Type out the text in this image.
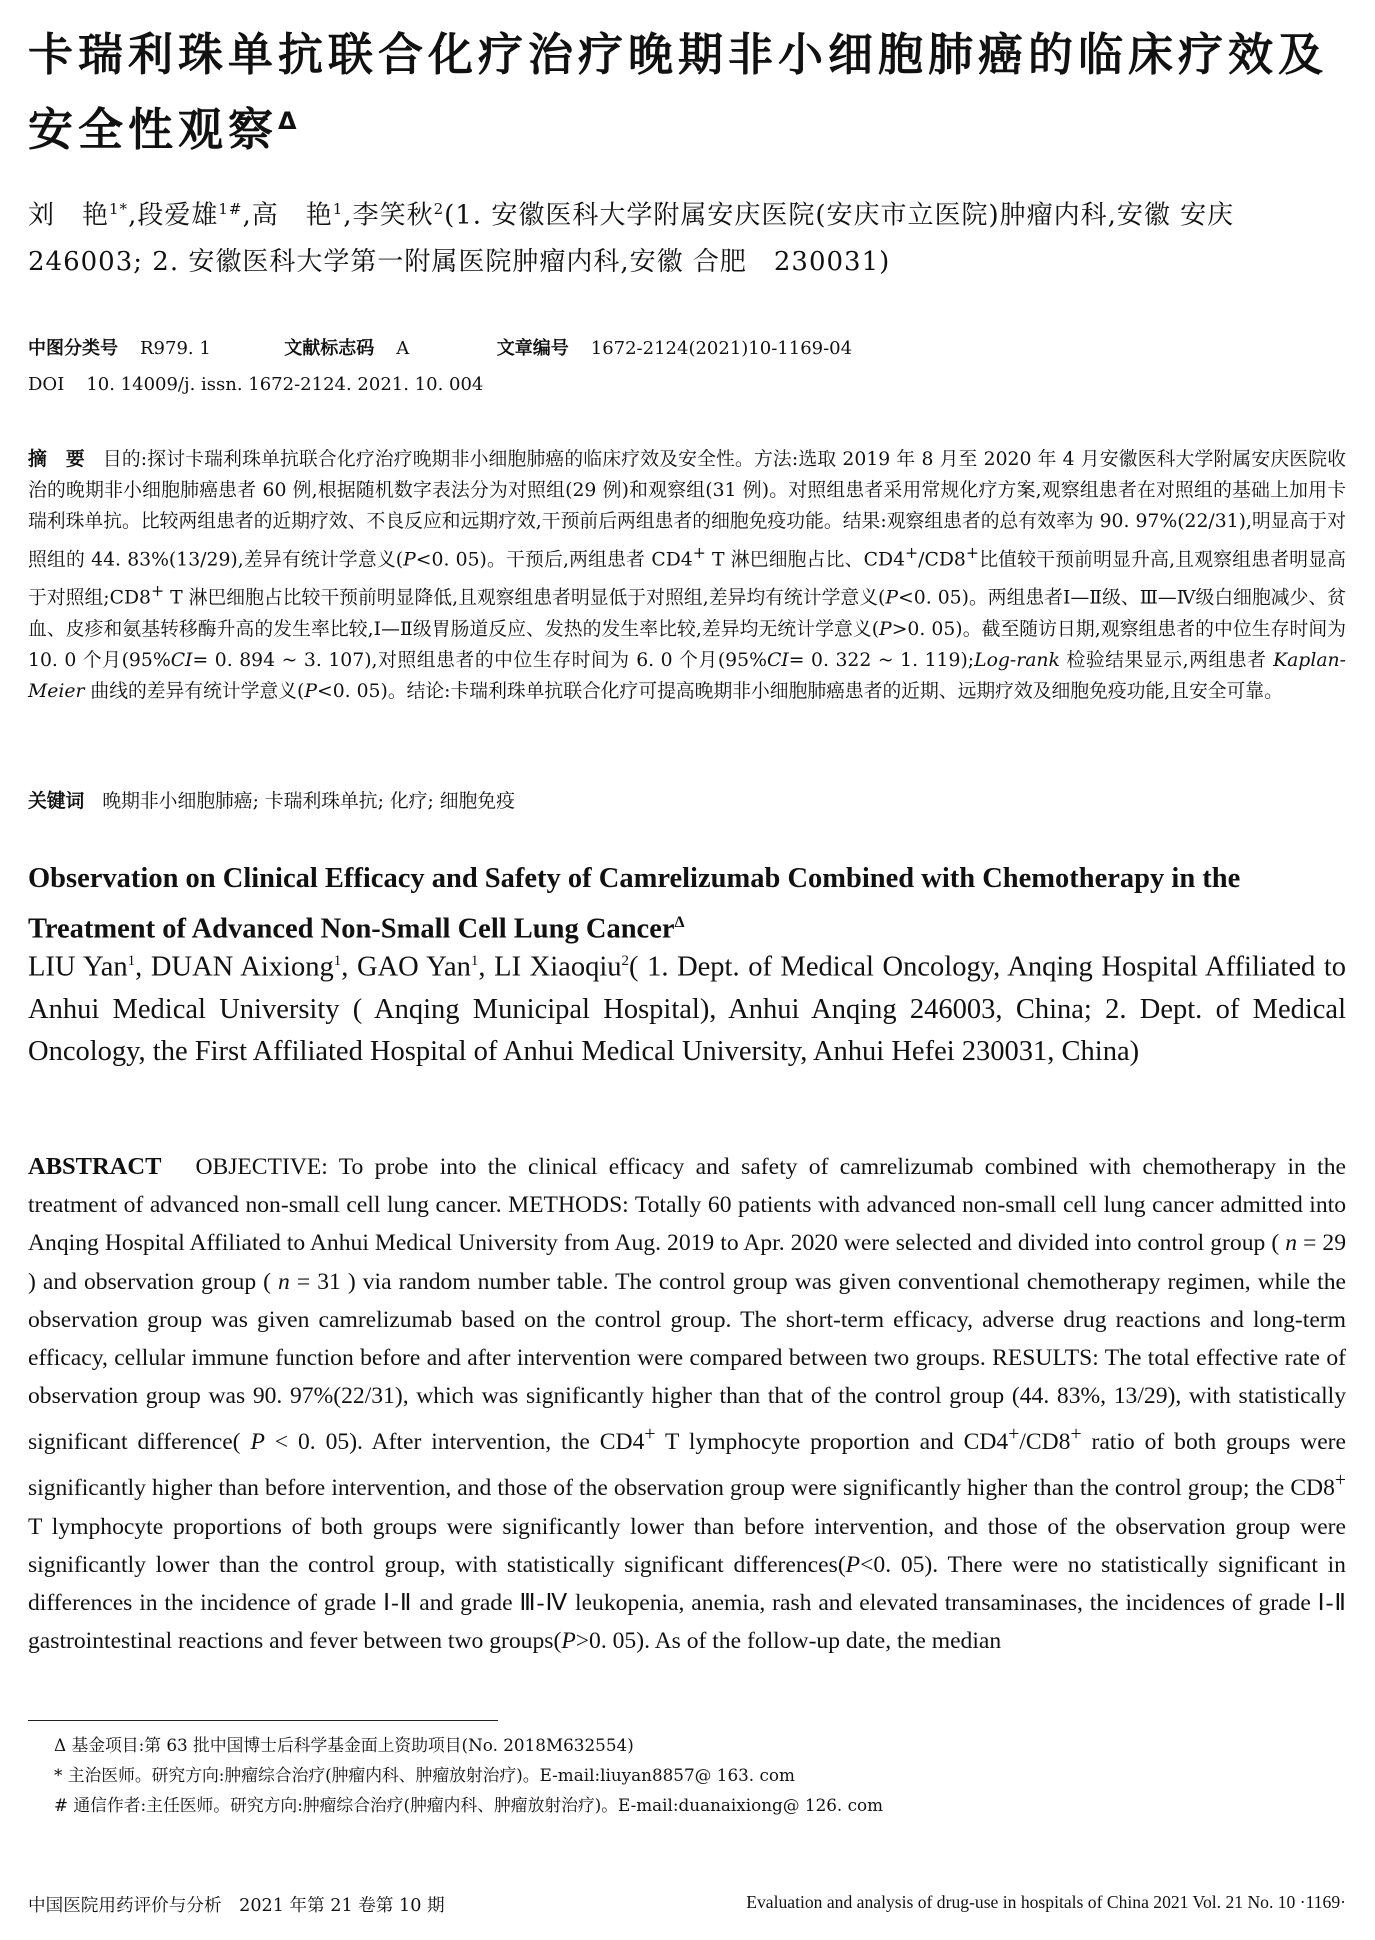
卡瑞利珠单抗联合化疗治疗晚期非小细胞肺癌的临床疗效及安全性观察$^\Delta$
刘　艳$^{1*}$,段爱雄$^{1\#}$,高　艳$^1$,李笑秋$^2$(1. 安徽医科大学附属安庆医院(安庆市立医院)肿瘤内科,安徽 安庆 246003; 2. 安徽医科大学第一附属医院肿瘤内科,安徽 合肥　230031)
中图分类号 R979. 1	文献标志码 A	文章编号 1672-2124(2021)10-1169-04
DOI 10. 14009/j. issn. 1672-2124. 2021. 10. 004
摘　要 目的:探讨卡瑞利珠单抗联合化疗治疗晚期非小细胞肺癌的临床疗效及安全性。方法:选取 2019 年 8 月至 2020 年 4 月安徽医科大学附属安庆医院收治的晚期非小细胞肺癌患者 60 例,根据随机数字表法分为对照组(29 例)和观察组(31 例)。对照组患者采用常规化疗方案,观察组患者在对照组的基础上加用卡瑞利珠单抗。比较两组患者的近期疗效、不良反应和远期疗效,干预前后两组患者的细胞免疫功能。结果:观察组患者的总有效率为 90. 97%(22/31),明显高于对照组的 44. 83%(13/29),差异有统计学意义(P<0. 05)。干预后,两组患者 CD4+ T 淋巴细胞占比、CD4+/CD8+比值较干预前明显升高,且观察组患者明显高于对照组;CD8+ T 淋巴细胞占比较干预前明显降低,且观察组患者明显低于对照组,差异均有统计学意义(P<0. 05)。两组患者Ⅰ—Ⅱ级、Ⅲ—Ⅳ级白细胞减少、贫血、皮疹和氨基转移酶升高的发生率比较,Ⅰ—Ⅱ级胃肠道反应、发热的发生率比较,差异均无统计学意义(P>0. 05)。截至随访日期,观察组患者的中位生存时间为 10. 0 个月(95%CI= 0. 894 ~ 3. 107),对照组患者的中位生存时间为 6. 0 个月(95%CI= 0. 322 ~ 1. 119);Log-rank 检验结果显示,两组患者 Kaplan-Meier 曲线的差异有统计学意义(P<0. 05)。结论:卡瑞利珠单抗联合化疗可提高晚期非小细胞肺癌患者的近期、远期疗效及细胞免疫功能,且安全可靠。
关键词 晚期非小细胞肺癌; 卡瑞利珠单抗; 化疗; 细胞免疫
Observation on Clinical Efficacy and Safety of Camrelizumab Combined with Chemotherapy in the Treatment of Advanced Non-Small Cell Lung Cancer$^\Delta$
LIU Yan$^1$, DUAN Aixiong$^1$, GAO Yan$^1$, LI Xiaoqiu$^2$( 1. Dept. of Medical Oncology, Anqing Hospital Affiliated to Anhui Medical University ( Anqing Municipal Hospital), Anhui Anqing 246003, China; 2. Dept. of Medical Oncology, the First Affiliated Hospital of Anhui Medical University, Anhui Hefei 230031, China)
ABSTRACT OBJECTIVE: To probe into the clinical efficacy and safety of camrelizumab combined with chemotherapy in the treatment of advanced non-small cell lung cancer. METHODS: Totally 60 patients with advanced non-small cell lung cancer admitted into Anqing Hospital Affiliated to Anhui Medical University from Aug. 2019 to Apr. 2020 were selected and divided into control group ( n = 29 ) and observation group ( n = 31 ) via random number table. The control group was given conventional chemotherapy regimen, while the observation group was given camrelizumab based on the control group. The short-term efficacy, adverse drug reactions and long-term efficacy, cellular immune function before and after intervention were compared between two groups. RESULTS: The total effective rate of observation group was 90. 97%(22/31), which was significantly higher than that of the control group (44. 83%, 13/29), with statistically significant difference( P < 0. 05). After intervention, the CD4+ T lymphocyte proportion and CD4+/CD8+ ratio of both groups were significantly higher than before intervention, and those of the observation group were significantly higher than the control group; the CD8+ T lymphocyte proportions of both groups were significantly lower than before intervention, and those of the observation group were significantly lower than the control group, with statistically significant differences(P<0. 05). There were no statistically significant in differences in the incidence of grade Ⅰ-Ⅱ and grade Ⅲ-Ⅳ leukopenia, anemia, rash and elevated transaminases, the incidences of grade Ⅰ-Ⅱ gastrointestinal reactions and fever between two groups(P>0. 05). As of the follow-up date, the median
Δ 基金项目:第 63 批中国博士后科学基金面上资助项目(No. 2018M632554)
* 主治医师。研究方向:肿瘤综合治疗(肿瘤内科、肿瘤放射治疗)。E-mail:liuyan8857@ 163. com
# 通信作者:主任医师。研究方向:肿瘤综合治疗(肿瘤内科、肿瘤放射治疗)。E-mail:duanaixiong@ 126. com
中国医院用药评价与分析　2021 年第 21 卷第 10 期	Evaluation and analysis of drug-use in hospitals of China 2021 Vol. 21 No. 10 ·1169·
